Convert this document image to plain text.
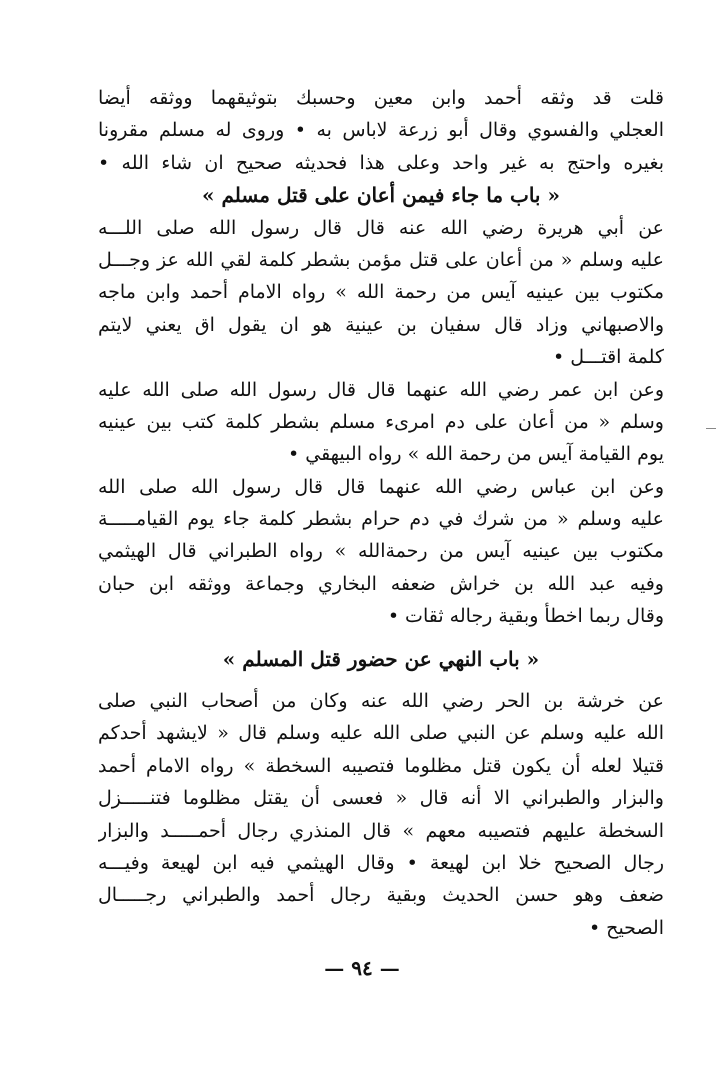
قلت قد وثقه أحمد وابن معين وحسبك بتوثيقهما ووثقه أيضا
العجلي والفسوي وقال أبو زرعة لاباس به • وروى له مسلم مقرونا
بغيره واحتج به غير واحد وعلى هذا فحديثه صحيح ان شاء الله •
« باب ما جاء فيمن أعان على قتل مسلم »
عن أبي هريرة رضي الله عنه قال قال رسول الله صلى اللـــه
عليه وسلم « من أعان على قتل مؤمن بشطر كلمة لقي الله عز وجـــل
مكتوب بين عينيه آيس من رحمة الله » رواه الامام أحمد وابن ماجه
والاصبهاني وزاد قال سفيان بن عينية هو ان يقول اق يعني لايتم
كلمة اقتـــل •
وعن ابن عمر رضي الله عنهما قال قال رسول الله صلى الله عليه
وسلم « من أعان على دم امرىء مسلم بشطر كلمة كتب بين عينيه
يوم القيامة آيس من رحمة الله » رواه البيهقي •
وعن ابن عباس رضي الله عنهما قال قال رسول الله صلى الله
عليه وسلم « من شرك في دم حرام بشطر كلمة جاء يوم القيامـــــة
مكتوب بين عينيه آيس من رحمةالله » رواه الطبراني قال الهيثمي
وفيه عبد الله بن خراش ضعفه البخاري وجماعة ووثقه ابن حبان
وقال ربما اخطأ وبقية رجاله ثقات •
« باب النهي عن حضور قتل المسلم »
عن خرشة بن الحر رضي الله عنه وكان من أصحاب النبي صلى
الله عليه وسلم عن النبي صلى الله عليه وسلم قال « لايشهد أحدكم
قتيلا لعله أن يكون قتل مظلوما فتصيبه السخطة » رواه الامام أحمد
والبزار والطبراني الا أنه قال « فعسى أن يقتل مظلوما فتنـــــزل
السخطة عليهم فتصيبه معهم » قال المنذري رجال أحمـــــد والبزار
رجال الصحيح خلا ابن لهيعة • وقال الهيثمي فيه ابن لهيعة وفيـــه
ضعف وهو حسن الحديث وبقية رجال أحمد والطبراني رجـــــال
الصحيح •
— ٩٤ —
